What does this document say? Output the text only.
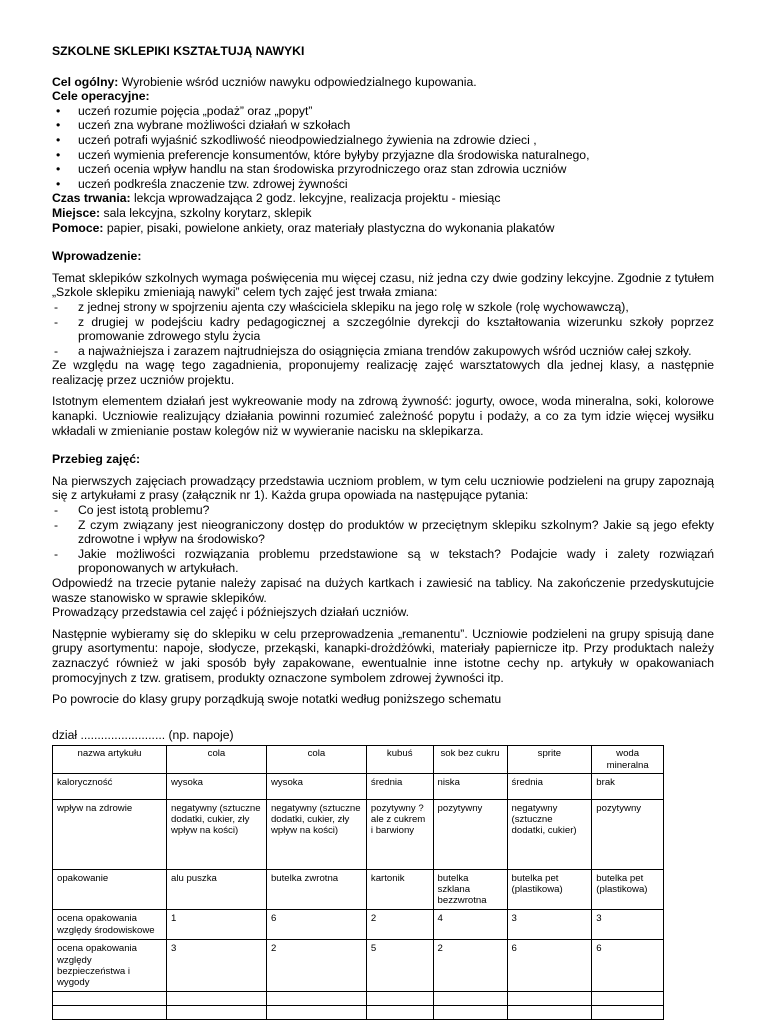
SZKOLNE SKLEPIKI KSZTAŁTUJĄ NAWYKI

Cel ogólny: Wyrobienie wśród uczniów nawyku odpowiedzialnego kupowania.

Cele operacyjne:

• uczeń rozumie pojęcia „podaż” oraz „popyt”
• uczeń zna wybrane możliwości działań w szkołach
• uczeń potrafi wyjaśnić szkodliwość nieodpowiedzialnego żywienia na zdrowie dzieci ,
• uczeń wymienia preferencje konsumentów, które byłyby przyjazne dla środowiska naturalnego,
• uczeń ocenia wpływ handlu na stan środowiska przyrodniczego oraz stan zdrowia uczniów
• uczeń podkreśla znaczenie tzw. zdrowej żywności

Czas trwania: lekcja wprowadzająca 2 godz. lekcyjne, realizacja projektu - miesiąc

Miejsce: sala lekcyjna, szkolny korytarz, sklepik

Pomoce: papier, pisaki, powielone ankiety, oraz materiały plastyczna do wykonania plakatów

Wprowadzenie:

Temat sklepików szkolnych wymaga poświęcenia mu więcej czasu, niż jedna czy dwie godziny lekcyjne. Zgodnie z tytułem „Szkole sklepiku zmieniają nawyki” celem tych zajęć jest trwała zmiana:

- z jednej strony w spojrzeniu ajenta czy właściciela sklepiku na jego rolę w szkole (rolę wychowawczą),
- z drugiej w podejściu kadry pedagogicznej a szczególnie dyrekcji do kształtowania wizerunku szkoły poprzez promowanie zdrowego stylu życia
- a najważniejsza i zarazem najtrudniejsza do osiągnięcia zmiana trendów zakupowych wśród uczniów całej szkoły.

Ze względu na wagę tego zagadnienia, proponujemy realizację zajęć warsztatowych dla jednej klasy, a następnie realizację przez uczniów projektu.

Istotnym elementem działań jest wykreowanie mody na zdrową żywność: jogurty, owoce, woda mineralna, soki, kolorowe kanapki. Uczniowie realizujący działania powinni rozumieć zależność popytu i podaży, a co za tym idzie więcej wysiłku wkładali w zmienianie postaw kolegów niż w wywieranie nacisku na sklepikarza.

Przebieg zajęć:

Na pierwszych zajęciach prowadzący przedstawia uczniom problem, w tym celu uczniowie podzieleni na grupy zapoznają się z artykułami z prasy (załącznik nr 1). Każda grupa opowiada na następujące pytania:

- Co jest istotą problemu?
- Z czym związany jest nieograniczony dostęp do produktów w przeciętnym sklepiku szkolnym? Jakie są jego efekty zdrowotne i wpływ na środowisko?
- Jakie możliwości rozwiązania problemu przedstawione są w tekstach? Podajcie wady i zalety rozwiązań proponowanych w artykułach.

Odpowiedź na trzecie pytanie należy zapisać na dużych kartkach i zawiesić na tablicy. Na zakończenie przedyskutujcie wasze stanowisko w sprawie sklepików.

Prowadzący przedstawia cel zajęć i późniejszych działań uczniów.

Następnie wybieramy się do sklepiku w celu przeprowadzenia „remanentu”. Uczniowie podzieleni na grupy spisują dane grupy asortymentu: napoje, słodycze, przekąski, kanapki-drożdżówki, materiały papiernicze itp. Przy produktach należy zaznaczyć również w jaki sposób były zapakowane, ewentualnie inne istotne cechy np. artykuły w opakowaniach promocyjnych z tzw. gratisem, produkty oznaczone symbolem zdrowej żywności itp.

Po powrocie do klasy grupy porządkują swoje notatki według poniższego schematu

dział ......................... (np. napoje)

nazwa artykułu	cola	cola	kubuś	sok bez cukru	sprite	woda mineralna
kaloryczność	wysoka	wysoka	średnia	niska	średnia	brak
wpływ na zdrowie	negatywny (sztuczne dodatki, cukier, zły wpływ na kości)	negatywny (sztuczne dodatki, cukier, zły wpływ na kości)	pozytywny ?
ale z cukrem i barwiony	pozytywny	negatywny (sztuczne dodatki, cukier)	pozytywny
opakowanie	alu puszka	butelka zwrotna	kartonik	butelka szklana bezzwrotna	butelka pet (plastikowa)	butelka pet (plastikowa)
ocena opakowania względy środowiskowe	1	6	2	4	3	3
ocena opakowania względy bezpieczeństwa i wygody	3	2	5	2	6	6
